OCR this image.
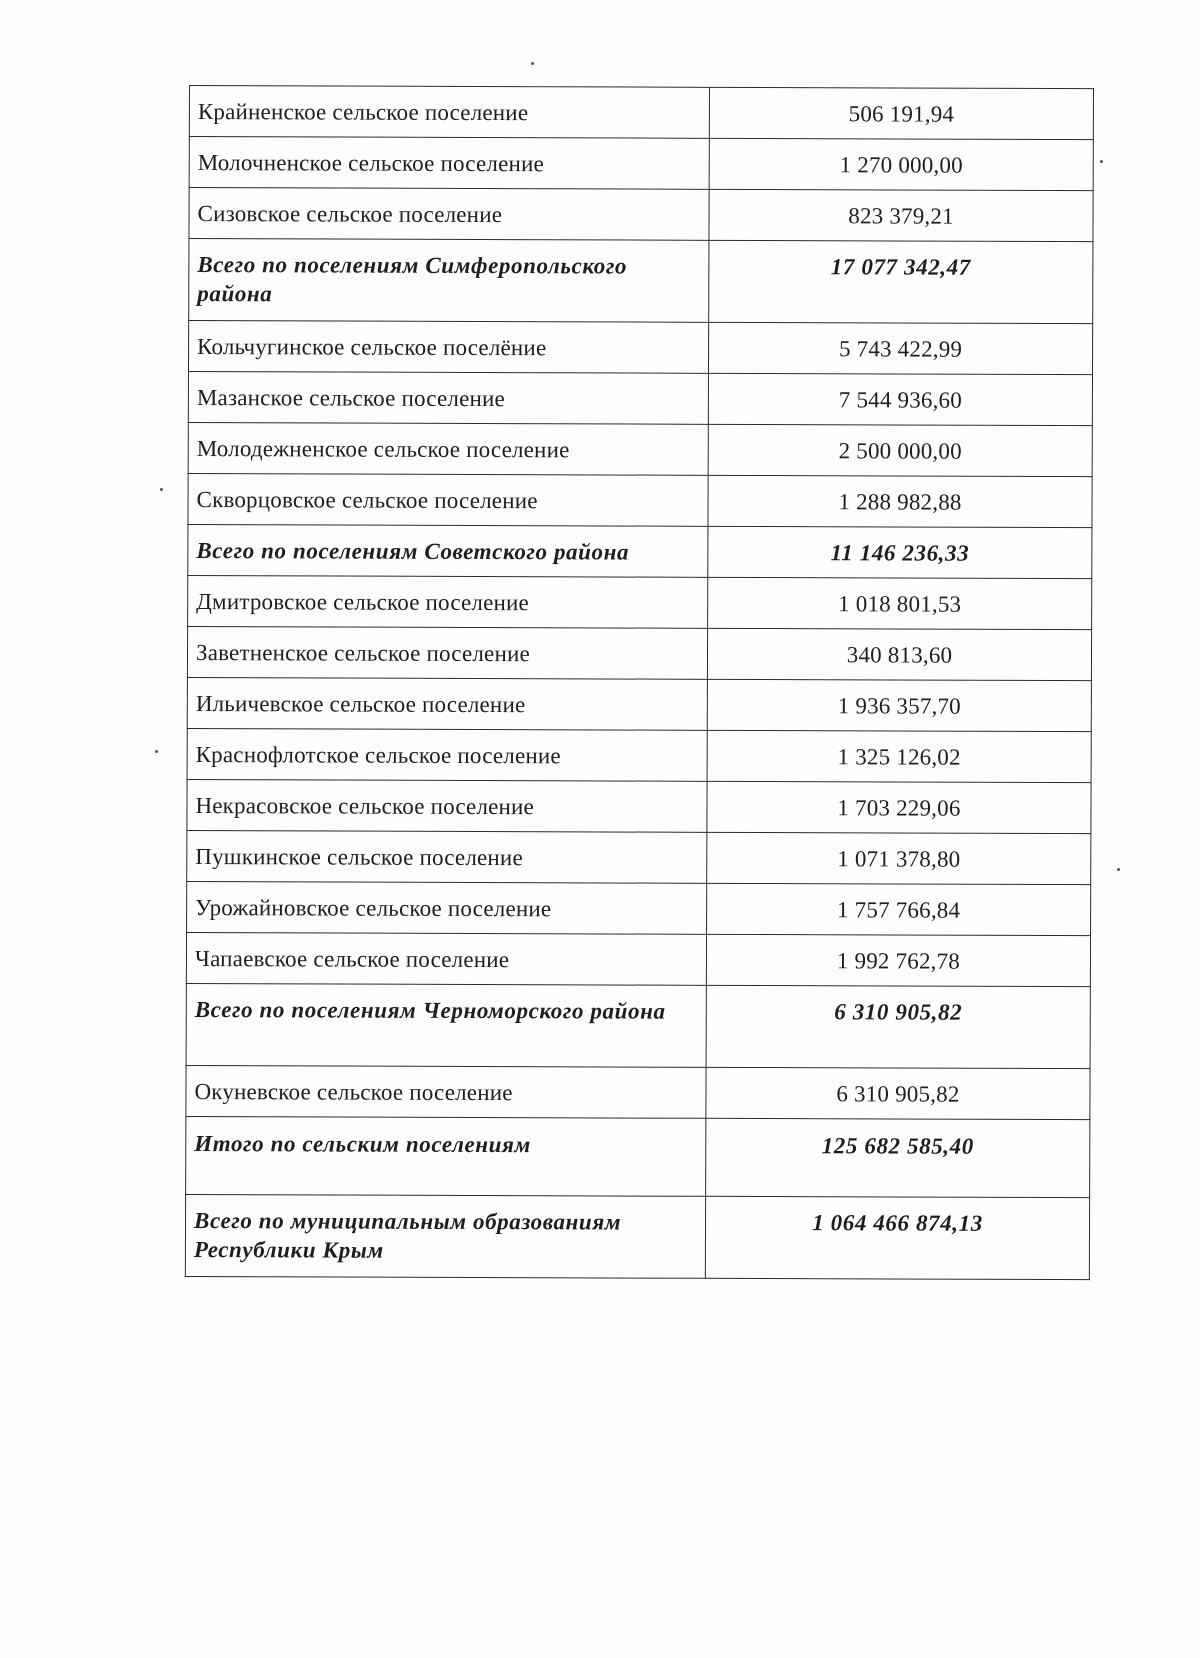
Крайненское сельское поселение	506 191,94
Молочненское сельское поселение	1 270 000,00
Сизовское сельское поселение	823 379,21
Всего по поселениям Симферопольского района	17 077 342,47
Кольчугинское сельское поселёние	5 743 422,99
Мазанское сельское поселение	7 544 936,60
Молодежненское сельское поселение	2 500 000,00
Скворцовское сельское поселение	1 288 982,88
Всего по поселениям Советского района	11 146 236,33
Дмитровское сельское поселение	1 018 801,53
Заветненское сельское поселение	340 813,60
Ильичевское сельское поселение	1 936 357,70
Краснофлотское сельское поселение	1 325 126,02
Некрасовское сельское поселение	1 703 229,06
Пушкинское сельское поселение	1 071 378,80
Урожайновское сельское поселение	1 757 766,84
Чапаевское сельское поселение	1 992 762,78
Всего по поселениям Черноморского района	6 310 905,82
Окуневское сельское поселение	6 310 905,82
Итого по сельским поселениям	125 682 585,40
Всего по муниципальным образованиям Республики Крым	1 064 466 874,13
